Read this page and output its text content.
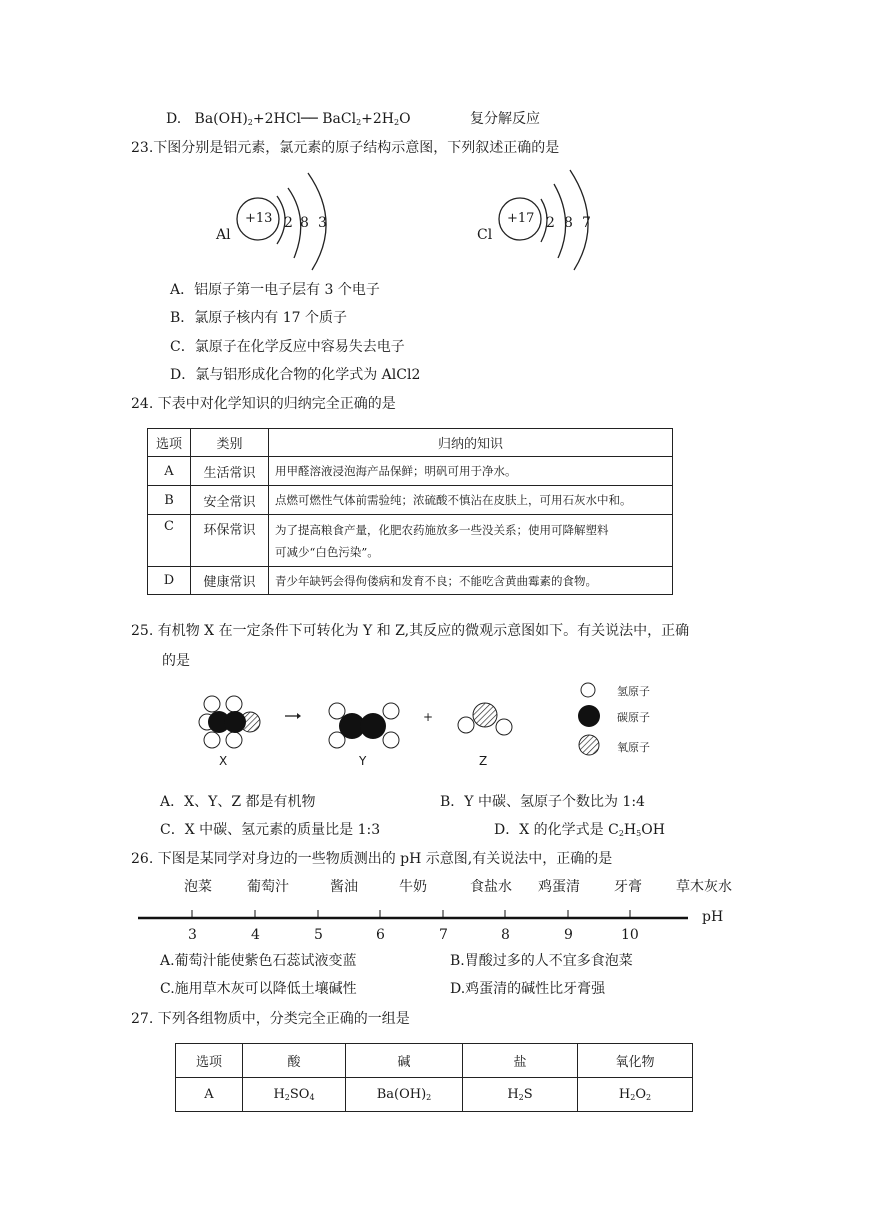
D. $Ba(OH)_2+2HCl──$ $BaCl_2+2H_2O$	复分解反应
23.下图分别是铝元素，氯元素的原子结构示意图，下列叙述正确的是
Al
+13 2 8 3
Cl
+17 2 8 7
A．铝原子第一电子层有 3 个电子
B．氯原子核内有 17 个质子
C．氯原子在化学反应中容易失去电子
D．氯与铝形成化合物的化学式为 AlCl2
24. 下表中对化学知识的归纳完全正确的是
选项	类别	归纳的知识
A	生活常识	用甲醛溶液浸泡海产品保鲜；明矾可用于净水。
B	安全常识	点燃可燃性气体前需验纯；浓硫酸不慎沾在皮肤上，可用石灰水中和。
C	环保常识	为了提高粮食产量，化肥农药施放多一些没关系；使用可降解塑料
可减少“白色污染”。
D	健康常识	青少年缺钙会得佝偻病和发育不良；不能吃含黄曲霉素的食物。
25. 有机物 X 在一定条件下可转化为 Y 和 Z,其反应的微观示意图如下。有关说法中，正确
的是
X	Y	Z
+
氢原子
碳原子
氧原子
A．X、Y、Z 都是有机物	B．Y 中碳、氢原子个数比为 1:4
C．X 中碳、氢元素的质量比是 1:3	D．X 的化学式是 $C_2H_5OH$
26. 下图是某同学对身边的一些物质测出的 pH 示意图,有关说法中，正确的是
泡菜	葡萄汁	酱油	牛奶	食盐水 鸡蛋清 牙膏 草木灰水
3	4	5	6	7	8	9	10
pH
A.葡萄汁能使紫色石蕊试液变蓝	B.胃酸过多的人不宜多食泡菜
C.施用草木灰可以降低土壤碱性	D.鸡蛋清的碱性比牙膏强
27. 下列各组物质中，分类完全正确的一组是
选项	酸	碱	盐	氧化物
A	$H_2SO_4$	$Ba(OH)_2$	$H_2S$	$H_2O_2$
